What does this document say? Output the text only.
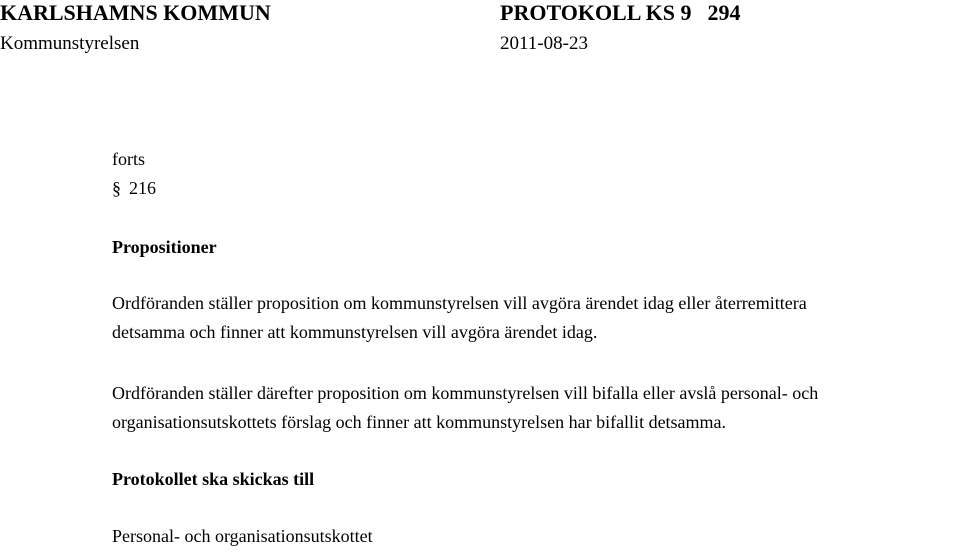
KARLSHAMNS KOMMUN	PROTOKOLL KS 9 294
Kommunstyrelsen	2011-08-23
forts
§ 216
Propositioner
Ordföranden ställer proposition om kommunstyrelsen vill avgöra ärendet idag eller återremittera
detsamma och finner att kommunstyrelsen vill avgöra ärendet idag.
Ordföranden ställer därefter proposition om kommunstyrelsen vill bifalla eller avslå personal- och
organisationsutskottets förslag och finner att kommunstyrelsen har bifallit detsamma.
Protokollet ska skickas till
Personal- och organisationsutskottet
